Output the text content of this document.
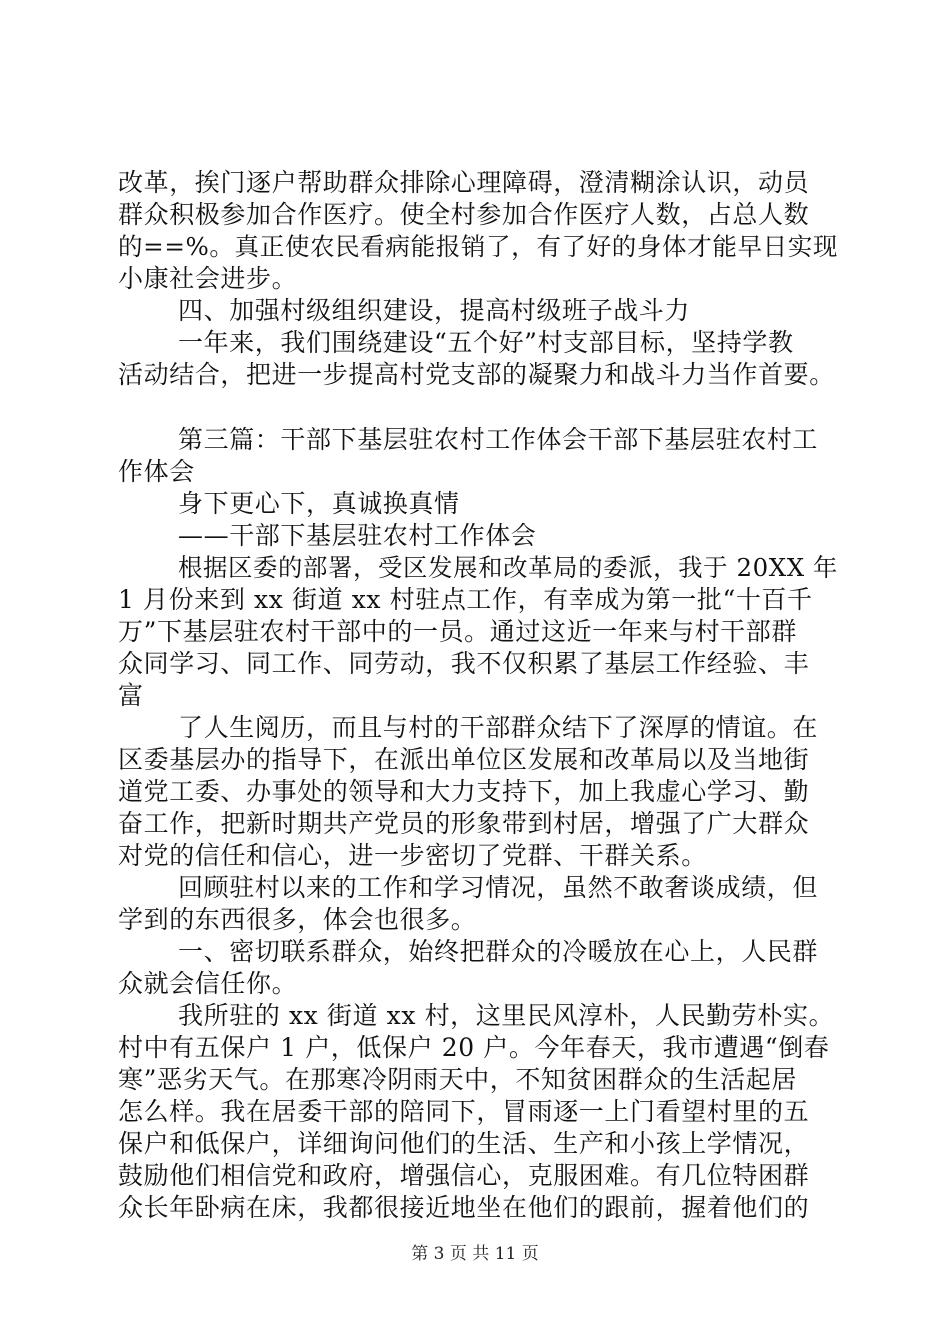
改革，挨门逐户帮助群众排除心理障碍，澄清糊涂认识，动员
群众积极参加合作医疗。使全村参加合作医疗人数，占总人数
的==%。真正使农民看病能报销了，有了好的身体才能早日实现
小康社会进步。
四、加强村级组织建设，提高村级班子战斗力
一年来，我们围绕建设“五个好”村支部目标，坚持学教
活动结合，把进一步提高村党支部的凝聚力和战斗力当作首要。
第三篇：干部下基层驻农村工作体会干部下基层驻农村工
作体会
身下更心下，真诚换真情
——干部下基层驻农村工作体会
根据区委的部署，受区发展和改革局的委派，我于 20XX 年
1 月份来到 xx 街道 xx 村驻点工作，有幸成为第一批“十百千
万”下基层驻农村干部中的一员。通过这近一年来与村干部群
众同学习、同工作、同劳动，我不仅积累了基层工作经验、丰
富
了人生阅历，而且与村的干部群众结下了深厚的情谊。在
区委基层办的指导下，在派出单位区发展和改革局以及当地街
道党工委、办事处的领导和大力支持下，加上我虚心学习、勤
奋工作，把新时期共产党员的形象带到村居，增强了广大群众
对党的信任和信心，进一步密切了党群、干群关系。
回顾驻村以来的工作和学习情况，虽然不敢奢谈成绩，但
学到的东西很多，体会也很多。
一、密切联系群众，始终把群众的冷暖放在心上，人民群
众就会信任你。
我所驻的 xx 街道 xx 村，这里民风淳朴，人民勤劳朴实。
村中有五保户 1 户，低保户 20 户。今年春天，我市遭遇“倒春
寒”恶劣天气。在那寒冷阴雨天中，不知贫困群众的生活起居
怎么样。我在居委干部的陪同下，冒雨逐一上门看望村里的五
保户和低保户，详细询问他们的生活、生产和小孩上学情况，
鼓励他们相信党和政府，增强信心，克服困难。有几位特困群
众长年卧病在床，我都很接近地坐在他们的跟前，握着他们的
第 3 页 共 11 页
